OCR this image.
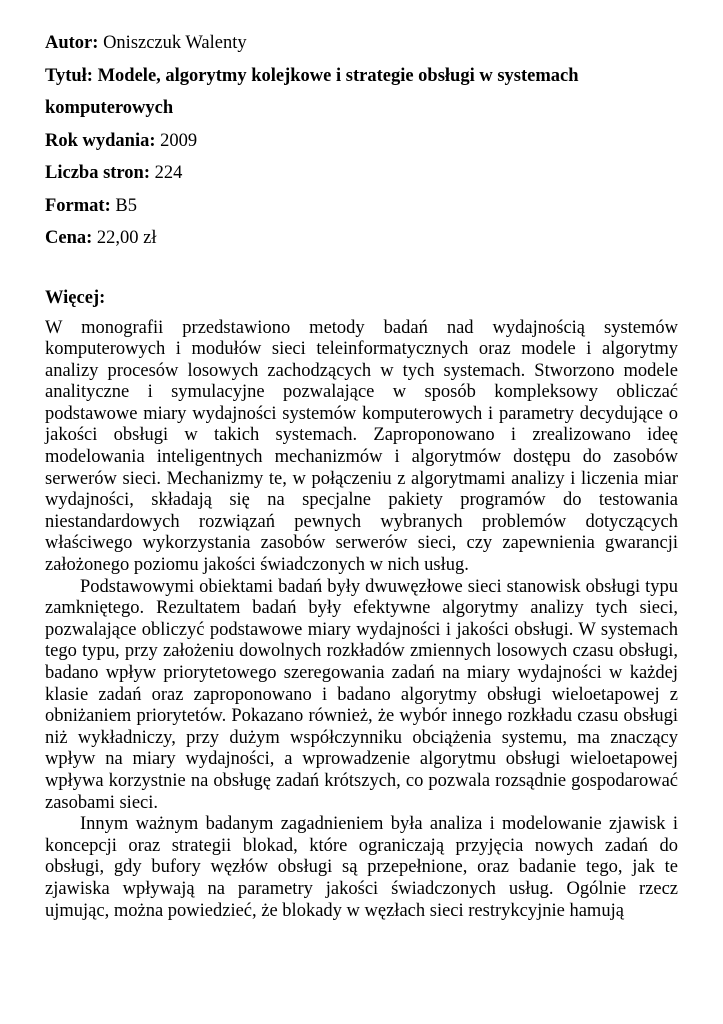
Autor: Oniszczuk Walenty
Tytuł: Modele, algorytmy kolejkowe i strategie obsługi w systemach komputerowych
Rok wydania: 2009
Liczba stron: 224
Format: B5
Cena: 22,00 zł
Więcej:

W monografii przedstawiono metody badań nad wydajnością systemów komputerowych i modułów sieci teleinformatycznych oraz modele i algorytmy analizy procesów losowych zachodzących w tych systemach. Stworzono modele analityczne i symulacyjne pozwalające w sposób kompleksowy obliczać podstawowe miary wydajności systemów komputerowych i parametry decydujące o jakości obsługi w takich systemach. Zaproponowano i zrealizowano ideę modelowania inteligentnych mechanizmów i algorytmów dostępu do zasobów serwerów sieci. Mechanizmy te, w połączeniu z algorytmami analizy i liczenia miar wydajności, składają się na specjalne pakiety programów do testowania niestandardowych rozwiązań pewnych wybranych problemów dotyczących właściwego wykorzystania zasobów serwerów sieci, czy zapewnienia gwarancji założonego poziomu jakości świadczonych w nich usług.

Podstawowymi obiektami badań były dwuwęzłowe sieci stanowisk obsługi typu zamkniętego. Rezultatem badań były efektywne algorytmy analizy tych sieci, pozwalające obliczyć podstawowe miary wydajności i jakości obsługi. W systemach tego typu, przy założeniu dowolnych rozkładów zmiennych losowych czasu obsługi, badano wpływ priorytetowego szeregowania zadań na miary wydajności w każdej klasie zadań oraz zaproponowano i badano algorytmy obsługi wieloetapowej z obniżaniem priorytetów. Pokazano również, że wybór innego rozkładu czasu obsługi niż wykładniczy, przy dużym współczynniku obciążenia systemu, ma znaczący wpływ na miary wydajności, a wprowadzenie algorytmu obsługi wieloetapowej wpływa korzystnie na obsługę zadań krótszych, co pozwala rozsądnie gospodarować zasobami sieci.

Innym ważnym badanym zagadnieniem była analiza i modelowanie zjawisk i koncepcji oraz strategii blokad, które ograniczają przyjęcia nowych zadań do obsługi, gdy bufory węzłów obsługi są przepełnione, oraz badanie tego, jak te zjawiska wpływają na parametry jakości świadczonych usług. Ogólnie rzecz ujmując, można powiedzieć, że blokady w węzłach sieci restrykcyjnie hamują
